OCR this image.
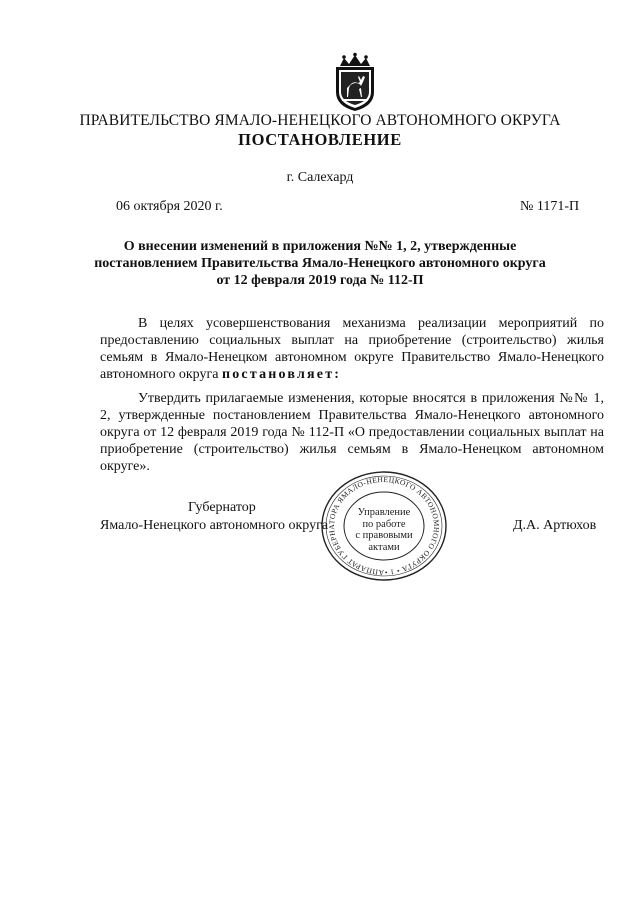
ПРАВИТЕЛЬСТВО ЯМАЛО-НЕНЕЦКОГО АВТОНОМНОГО ОКРУГА
ПОСТАНОВЛЕНИЕ
г. Салехард
06 октября 2020 г.	№ 1171-П
О внесении изменений в приложения №№ 1, 2, утвержденные
постановлением Правительства Ямало-Ненецкого автономного округа
от 12 февраля 2019 года № 112-П
В целях усовершенствования механизма реализации мероприятий по предоставлению социальных выплат на приобретение (строительство) жилья семьям в Ямало-Ненецком автономном округе Правительство Ямало-Ненецкого автономного округа постановляет:
Утвердить прилагаемые изменения, которые вносятся в приложения №№ 1, 2, утвержденные постановлением Правительства Ямало-Ненецкого автономного округа от 12 февраля 2019 года № 112-П «О предоставлении социальных выплат на приобретение (строительство) жилья семьям в Ямало-Ненецком автономном округе».
Губернатор
Ямало-Ненецкого автономного округа	Д.А. Артюхов
АППАРАТ ГУБЕРНАТОРА ЯМАЛО-НЕНЕЦКОГО АВТОНОМНОГО ОКРУГА • 1 •
Управление
по работе
с правовыми
актами
